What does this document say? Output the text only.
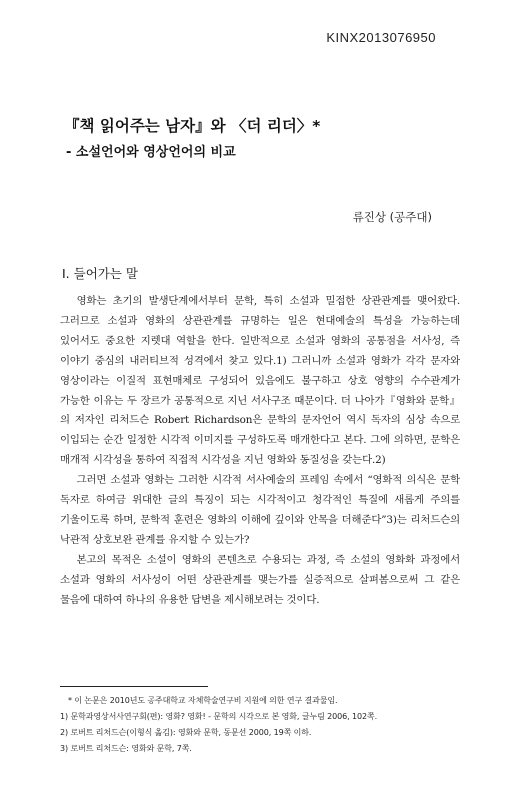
KINX2013076950
『책 읽어주는 남자』와 〈더 리더〉*
- 소설언어와 영상언어의 비교
류진상 (공주대)
Ⅰ. 들어가는 말

영화는 초기의 발생단계에서부터 문학, 특히 소설과 밀접한 상관관계를 맺어왔다. 그러므로 소설과 영화의 상관관계를 규명하는 일은 현대예술의 특성을 가능하는데 있어서도 중요한 지렛대 역할을 한다. 일반적으로 소설과 영화의 공통점을 서사성, 즉 이야기 중심의 내러티브적 성격에서 찾고 있다.1) 그러니까 소설과 영화가 각각 문자와 영상이라는 이질적 표현매체로 구성되어 있음에도 불구하고 상호 영향의 수수관계가 가능한 이유는 두 장르가 공통적으로 지닌 서사구조 때문이다. 더 나아가『영화와 문학』의 저자인 리처드슨 Robert Richardson은 문학의 문자언어 역시 독자의 심상 속으로 이입되는 순간 일정한 시각적 이미지를 구성하도록 매개한다고 본다. 그에 의하면, 문학은 매개적 시각성을 통하여 직접적 시각성을 지닌 영화와 동질성을 갖는다.2)

그러면 소설과 영화는 그러한 시각적 서사예술의 프레임 속에서 “영화적 의식은 문학 독자로 하여금 위대한 글의 특징이 되는 시각적이고 청각적인 특질에 새롭게 주의를 기울이도록 하며, 문학적 훈련은 영화의 이해에 깊이와 안목을 더해준다”3)는 리처드슨의 낙관적 상호보완 관계를 유지할 수 있는가?

본고의 목적은 소설이 영화의 콘텐츠로 수용되는 과정, 즉 소설의 영화화 과정에서 소설과 영화의 서사성이 어떤 상관관계를 맺는가를 실증적으로 살펴봄으로써 그 같은 물음에 대하여 하나의 유용한 답변을 제시해보려는 것이다.

* 이 논문은 2010년도 공주대학교 자체학술연구비 지원에 의한 연구 결과물임.
1) 문학과영상서사연구회(편): 영화? 영화! - 문학의 시각으로 본 영화, 글누림 2006, 102쪽.
2) 로버트 리처드슨(이형식 옮김): 영화와 문학, 동문선 2000, 19쪽 이하.
3) 로버트 리처드슨: 영화와 문학, 7쪽.
